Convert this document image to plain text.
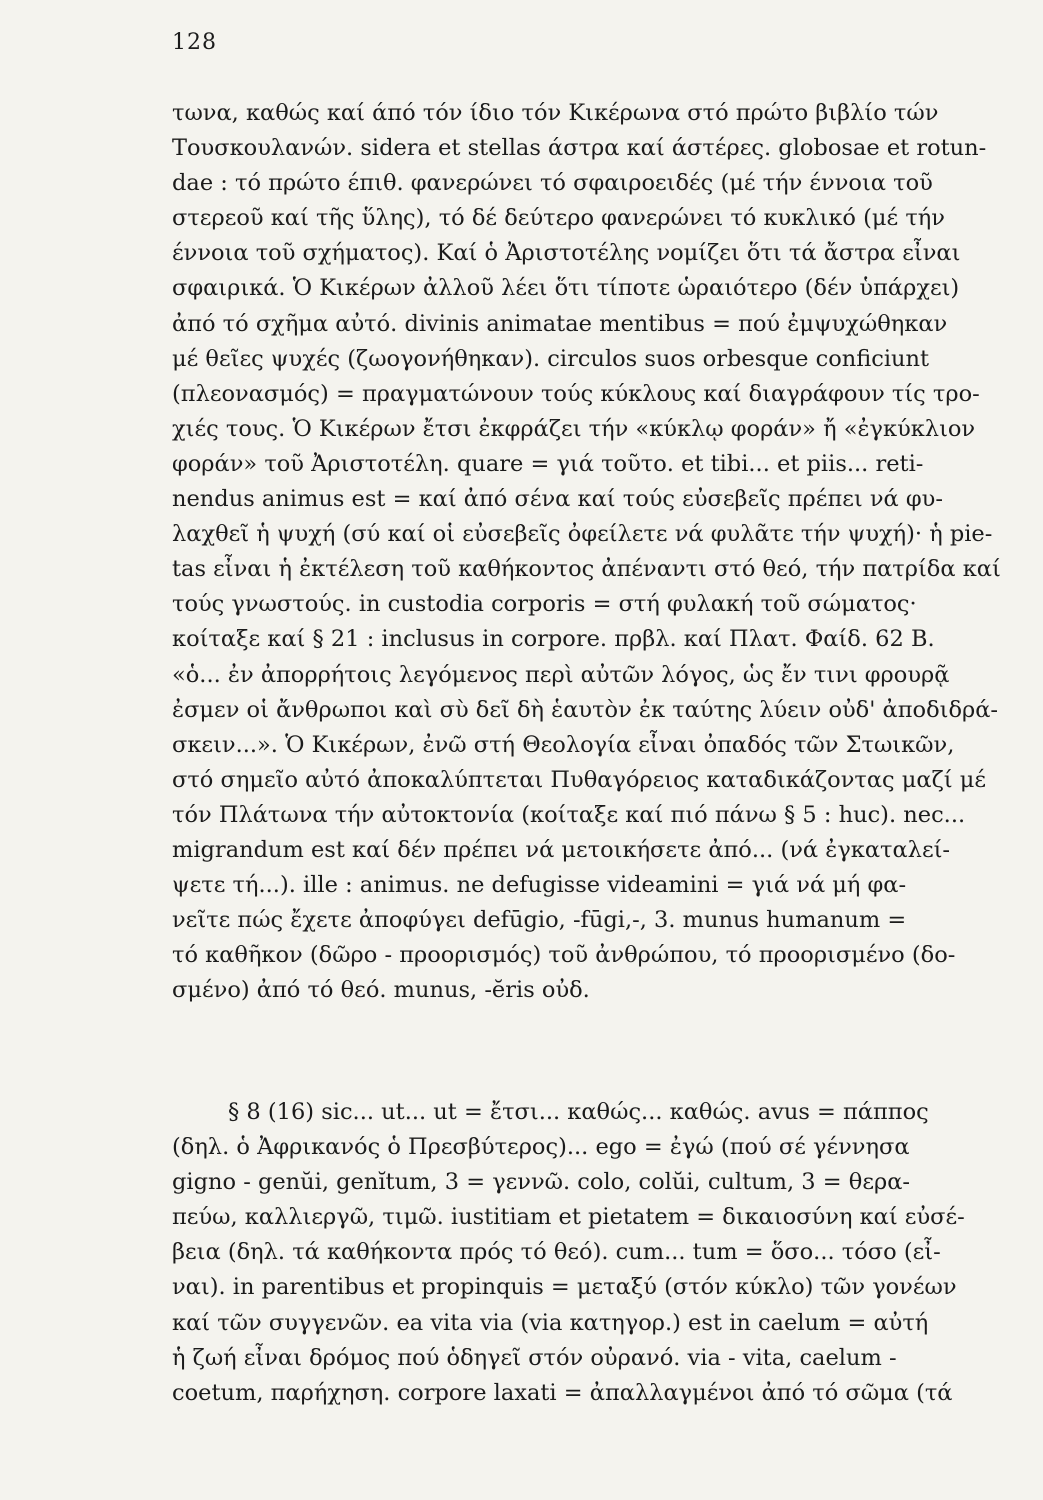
128
τωνα, καθώς καί άπό τόν ίδιο τόν Κικέρωνα στό πρώτο βιβλίο τών
Τουσκουλανών. sidera et stellas άστρα καί άστέρες. globosae et rotun-
dae : τό πρώτο έπιθ. φανερώνει τό σφαιροειδές (μέ τήν έννοια τοῦ
στερεοῦ καί τῆς ὕλης), τό δέ δεύτερο φανερώνει τό κυκλικό (μέ τήν
έννοια τοῦ σχήματος). Καί ὁ Ἀριστοτέλης νομίζει ὅτι τά ἄστρα εἶναι
σφαιρικά. Ὁ Κικέρων ἀλλοῦ λέει ὅτι τίποτε ὡραιότερο (δέν ὑπάρχει)
ἀπό τό σχῆμα αὐτό. divinis animatae mentibus = πού ἐμψυχώθηκαν
μέ θεῖες ψυχές (ζωογονήθηκαν). circulos suos orbesque conficiunt
(πλεονασμός) = πραγματώνουν τούς κύκλους καί διαγράφουν τίς τρο-
χιές τους. Ὁ Κικέρων ἔτσι ἐκφράζει τήν «κύκλῳ φοράν» ἤ «ἐγκύκλιον
φοράν» τοῦ Ἀριστοτέλη. quare = γιά τοῦτο. et tibi... et piis... reti-
nendus animus est = καί ἀπό σένα καί τούς εὐσεβεῖς πρέπει νά φυ-
λαχθεῖ ἡ ψυχή (σύ καί οἱ εὐσεβεῖς ὀφείλετε νά φυλᾶτε τήν ψυχή)· ἡ pie-
tas εἶναι ἡ ἐκτέλεση τοῦ καθήκοντος ἀπέναντι στό θεό, τήν πατρίδα καί
τούς γνωστούς. in custodia corporis = στή φυλακή τοῦ σώματος·
κοίταξε καί § 21 : inclusus in corpore. πρβλ. καί Πλατ. Φαίδ. 62 B.
«ὁ... ἐν ἀπορρήτοις λεγόμενος περὶ αὐτῶν λόγος, ὡς ἔν τινι φρουρᾷ
ἐσμεν οἱ ἄνθρωποι καὶ σὺ δεῖ δὴ ἑαυτὸν ἐκ ταύτης λύειν οὐδ' ἀποδιδρά-
σκειν...». Ὁ Κικέρων, ἐνῶ στή Θεολογία εἶναι ὀπαδός τῶν Στωικῶν,
στό σημεῖο αὐτό ἀποκαλύπτεται Πυθαγόρειος καταδικάζοντας μαζί μέ
τόν Πλάτωνα τήν αὐτοκτονία (κοίταξε καί πιό πάνω § 5 : huc). nec...
migrandum est καί δέν πρέπει νά μετοικήσετε ἀπό... (νά ἐγκαταλεί-
ψετε τή...). ille : animus. ne defugisse videamini = γιά νά μή φα-
νεῖτε πώς ἔχετε ἀποφύγει defūgio, -fūgi,-, 3. munus humanum =
τό καθῆκον (δῶρο - προορισμός) τοῦ ἀνθρώπου, τό προορισμένο (δο-
σμένο) ἀπό τό θεό. munus, -ĕris οὐδ.
§ 8 (16) sic... ut... ut = ἔτσι... καθώς... καθώς. avus = πάππος
(δηλ. ὁ Ἀφρικανός ὁ Πρεσβύτερος)... ego = ἐγώ (πού σέ γέννησα
gigno - genŭi, genĭtum, 3 = γεννῶ. colo, colŭi, cultum, 3 = θερα-
πεύω, καλλιεργῶ, τιμῶ. iustitiam et pietatem = δικαιοσύνη καί εὐσέ-
βεια (δηλ. τά καθήκοντα πρός τό θεό). cum... tum = ὅσο... τόσο (εἶ-
ναι). in parentibus et propinquis = μεταξύ (στόν κύκλο) τῶν γονέων
καί τῶν συγγενῶν. ea vita via (via κατηγορ.) est in caelum = αὐτή
ἡ ζωή εἶναι δρόμος πού ὁδηγεῖ στόν οὐρανό. via - vita, caelum -
coetum, παρήχηση. corpore laxati = ἀπαλλαγμένοι ἀπό τό σῶμα (τά
